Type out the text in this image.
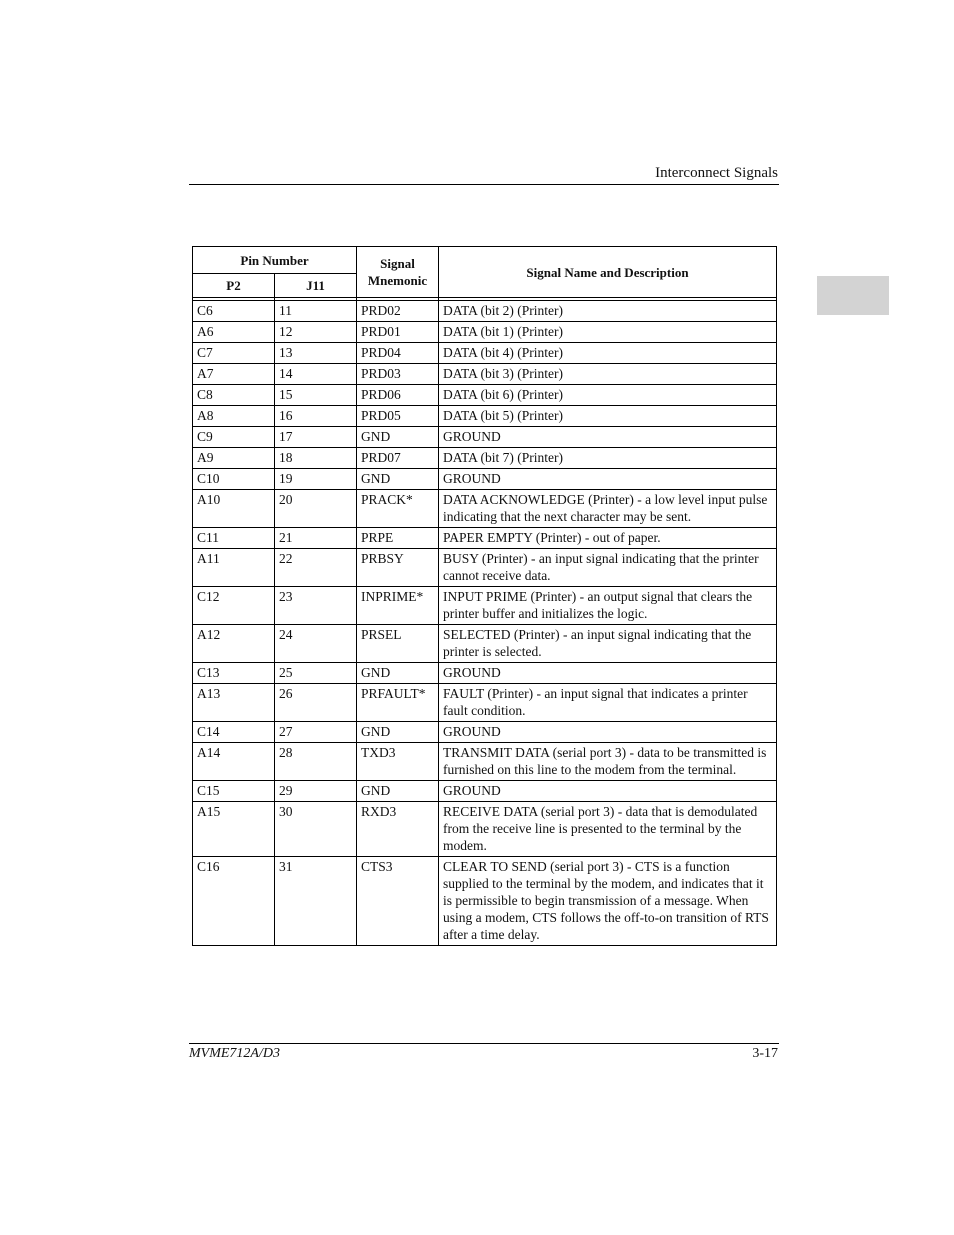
Interconnect Signals
Pin Number		Signal Mnemonic	Signal Name and Description
P2	J11		

C6	11	PRD02	DATA (bit 2) (Printer)
A6	12	PRD01	DATA (bit 1) (Printer)
C7	13	PRD04	DATA (bit 4) (Printer)
A7	14	PRD03	DATA (bit 3) (Printer)
C8	15	PRD06	DATA (bit 6) (Printer)
A8	16	PRD05	DATA (bit 5) (Printer)
C9	17	GND	GROUND
A9	18	PRD07	DATA (bit 7) (Printer)
C10	19	GND	GROUND
A10	20	PRACK*	DATA ACKNOWLEDGE (Printer) - a low level input pulse indicating that the next character may be sent.
C11	21	PRPE	PAPER EMPTY (Printer) - out of paper.
A11	22	PRBSY	BUSY (Printer) - an input signal indicating that the printer cannot receive data.
C12	23	INPRIME*	INPUT PRIME (Printer) - an output signal that clears the printer buffer and initializes the logic.
A12	24	PRSEL	SELECTED (Printer) - an input signal indicating that the printer is selected.
C13	25	GND	GROUND
A13	26	PRFAULT*	FAULT (Printer) - an input signal that indicates a printer fault condition.
C14	27	GND	GROUND
A14	28	TXD3	TRANSMIT DATA (serial port 3) - data to be transmitted is furnished on this line to the modem from the terminal.
C15	29	GND	GROUND
A15	30	RXD3	RECEIVE DATA (serial port 3) - data that is demodulated from the receive line is presented to the terminal by the modem.
C16	31	CTS3	CLEAR TO SEND (serial port 3) - CTS is a function supplied to the terminal by the modem, and indicates that it is permissible to begin transmission of a message. When using a modem, CTS follows the off-to-on transition of RTS after a time delay.
MVME712A/D3	3-17
